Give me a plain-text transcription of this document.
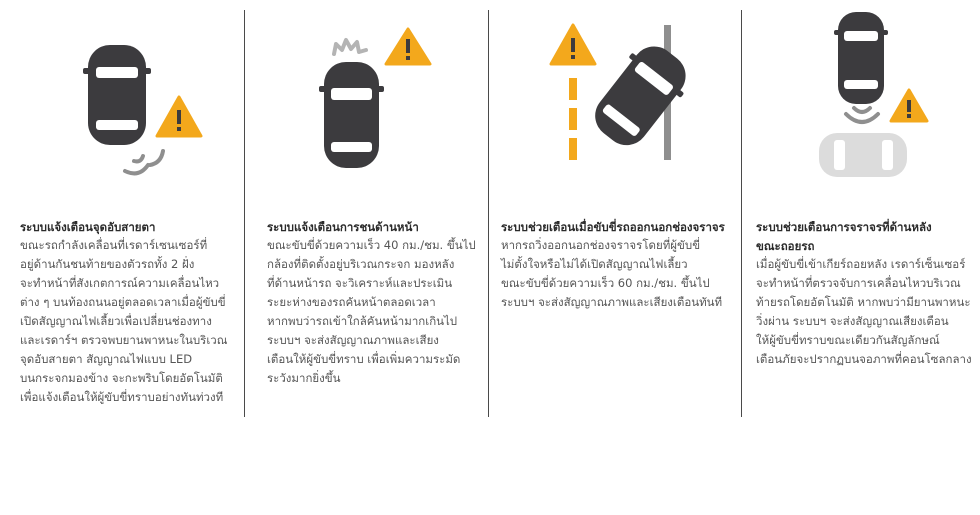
ระบบแจ้งเตือนจุดอับสายตา

ขณะรถกำลังเคลื่อนที่เรดาร์เซนเซอร์ที่
อยู่ด้านกันชนท้ายของตัวรถทั้ง 2 ฝั่ง
จะทำหน้าที่สังเกตการณ์ความเคลื่อนไหว
ต่าง ๆ บนท้องถนนอยู่ตลอดเวลาเมื่อผู้ขับขี่
เปิดสัญญาณไฟเลี้ยวเพื่อเปลี่ยนช่องทาง
และเรดาร์ฯ ตรวจพบยานพาหนะในบริเวณ
จุดอับสายตา สัญญาณไฟแบบ LED
บนกระจกมองข้าง จะกะพริบโดยอัตโนมัติ
เพื่อแจ้งเตือนให้ผู้ขับขี่ทราบอย่างทันท่วงที

ระบบแจ้งเตือนการชนด้านหน้า

ขณะขับขี่ด้วยความเร็ว 40 กม./ชม. ขึ้นไป
กล้องที่ติดตั้งอยู่บริเวณกระจก มองหลัง
ที่ด้านหน้ารถ จะวิเคราะห์และประเมิน
ระยะห่างของรถคันหน้าตลอดเวลา
หากพบว่ารถเข้าใกล้คันหน้ามากเกินไป
ระบบฯ จะส่งสัญญาณภาพและเสียง
เตือนให้ผู้ขับขี่ทราบ เพื่อเพิ่มความระมัด
ระวังมากยิ่งขึ้น

ระบบช่วยเตือนเมื่อขับขี่รถออกนอกช่องจราจร

หากรถวิ่งออกนอกช่องจราจรโดยที่ผู้ขับขี่
ไม่ตั้งใจหรือไม่ได้เปิดสัญญาณไฟเลี้ยว
ขณะขับขี่ด้วยความเร็ว 60 กม./ชม. ขึ้นไป
ระบบฯ จะส่งสัญญาณภาพและเสียงเตือนทันที

ระบบช่วยเตือนการจราจรที่ด้านหลัง
ขณะถอยรถ

เมื่อผู้ขับขี่เข้าเกียร์ถอยหลัง เรดาร์เซ็นเซอร์
จะทำหน้าที่ตรวจจับการเคลื่อนไหวบริเวณ
ท้ายรถโดยอัตโนมัติ หากพบว่ามียานพาหนะ
วิ่งผ่าน ระบบฯ จะส่งสัญญาณเสียงเตือน
ให้ผู้ขับขี่ทราบขณะเดียวกันสัญลักษณ์
เตือนภัยจะปรากฏบนจอภาพที่คอนโซลกลาง
